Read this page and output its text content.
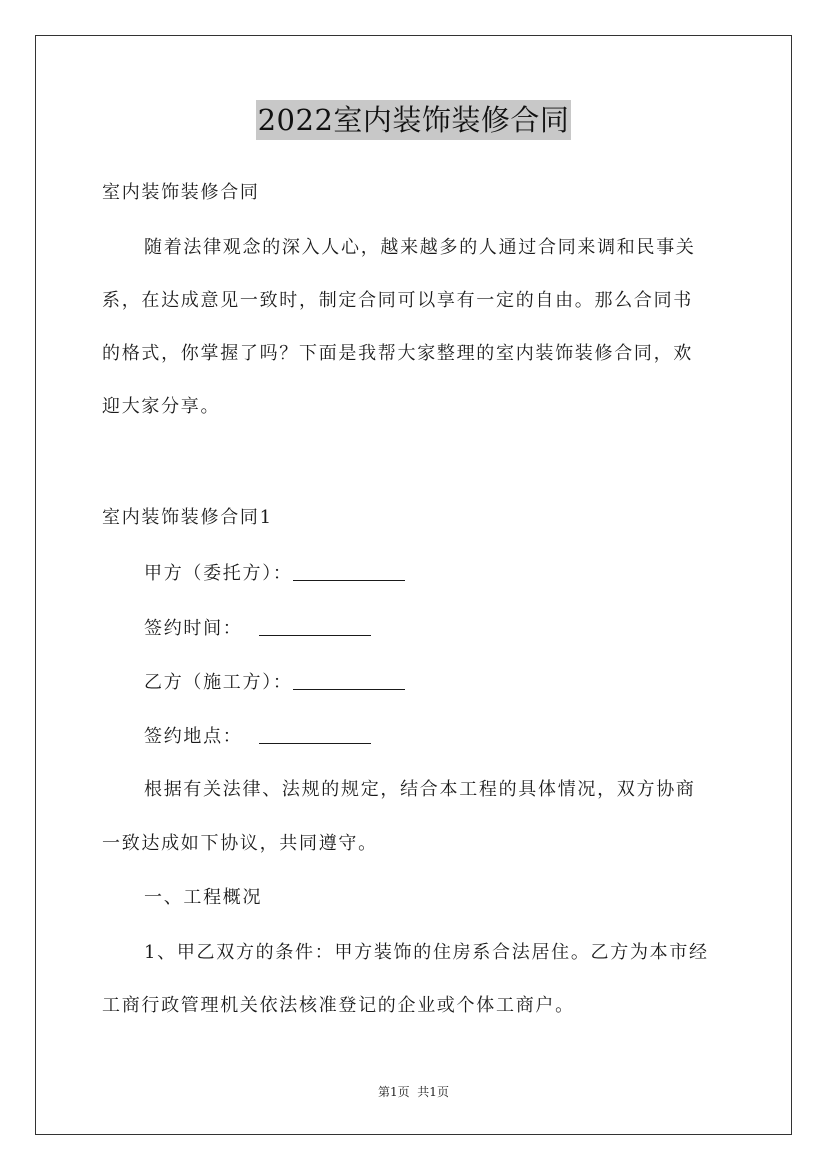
2022室内装饰装修合同
室内装饰装修合同
随着法律观念的深入人心，越来越多的人通过合同来调和民事关
系，在达成意见一致时，制定合同可以享有一定的自由。那么合同书
的格式，你掌握了吗？下面是我帮大家整理的室内装饰装修合同，欢
迎大家分享。
室内装饰装修合同1
甲方（委托方）：
签约时间：
乙方（施工方）：
签约地点：
根据有关法律、法规的规定，结合本工程的具体情况，双方协商
一致达成如下协议，共同遵守。
一、工程概况
1、甲乙双方的条件：甲方装饰的住房系合法居住。乙方为本市经
工商行政管理机关依法核准登记的企业或个体工商户。
第1页  共1页
